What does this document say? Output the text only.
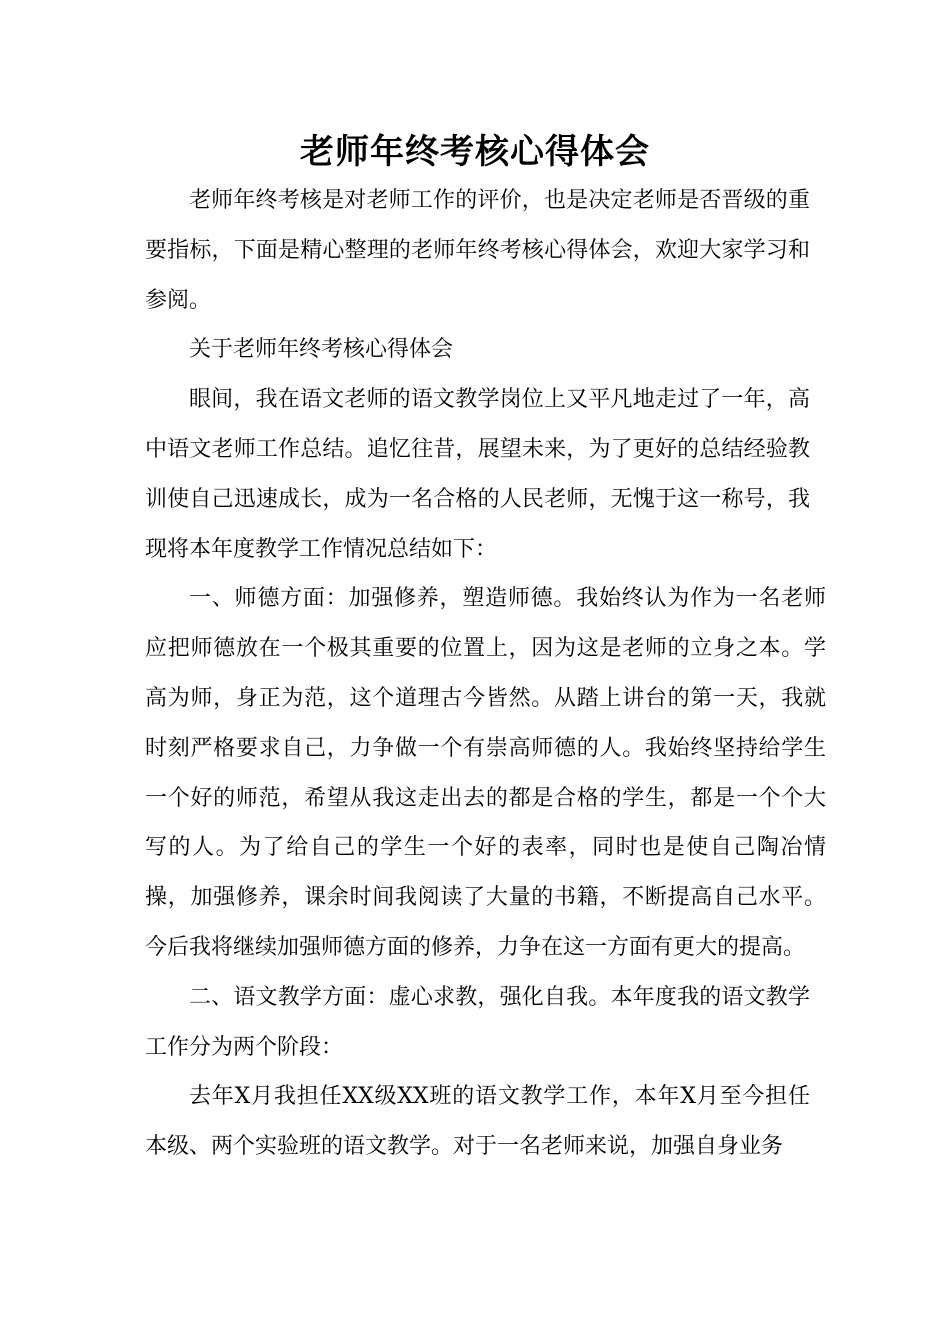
老师年终考核心得体会

老师年终考核是对老师工作的评价，也是决定老师是否晋级的重要指标，下面是精心整理的老师年终考核心得体会，欢迎大家学习和参阅。

关于老师年终考核心得体会

眼间，我在语文老师的语文教学岗位上又平凡地走过了一年，高中语文老师工作总结。追忆往昔，展望未来，为了更好的总结经验教训使自己迅速成长，成为一名合格的人民老师，无愧于这一称号，我现将本年度教学工作情况总结如下：

一、师德方面：加强修养，塑造师德。我始终认为作为一名老师应把师德放在一个极其重要的位置上，因为这是老师的立身之本。学高为师，身正为范，这个道理古今皆然。从踏上讲台的第一天，我就时刻严格要求自己，力争做一个有崇高师德的人。我始终坚持给学生一个好的师范，希望从我这走出去的都是合格的学生，都是一个个大写的人。为了给自己的学生一个好的表率，同时也是使自己陶冶情操，加强修养，课余时间我阅读了大量的书籍，不断提高自己水平。今后我将继续加强师德方面的修养，力争在这一方面有更大的提高。

二、语文教学方面：虚心求教，强化自我。本年度我的语文教学工作分为两个阶段：

去年X月我担任XX级XX班的语文教学工作，本年X月至今担任本级、两个实验班的语文教学。对于一名老师来说，加强自身业务
